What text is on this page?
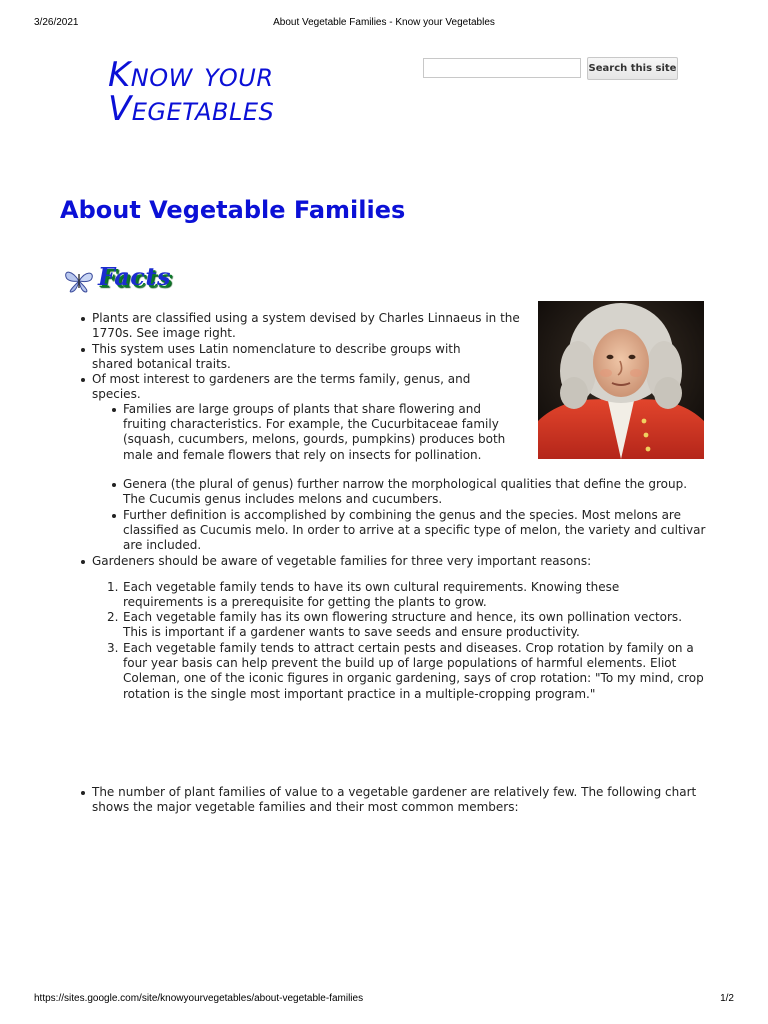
3/26/2021	About Vegetable Families - Know your Vegetables
Know your
Vegetables
Search this site
About Vegetable Families
Facts
Plants are classified using a system devised by Charles Linnaeus in the 1770s. See image right.
This system uses Latin nomenclature to describe groups with shared botanical traits.
Of most interest to gardeners are the terms family, genus, and species.
Families are large groups of plants that share flowering and fruiting characteristics. For example, the Cucurbitaceae family (squash, cucumbers, melons, gourds, pumpkins) produces both male and female flowers that rely on insects for pollination.
Genera (the plural of genus) further narrow the morphological qualities that define the group. The Cucumis genus includes melons and cucumbers.
Further definition is accomplished by combining the genus and the species. Most melons are classified as Cucumis melo. In order to arrive at a specific type of melon, the variety and cultivar are included.
Gardeners should be aware of vegetable families for three very important reasons:
1. Each vegetable family tends to have its own cultural requirements. Knowing these requirements is a prerequisite for getting the plants to grow.
2. Each vegetable family has its own flowering structure and hence, its own pollination vectors. This is important if a gardener wants to save seeds and ensure productivity.
3. Each vegetable family tends to attract certain pests and diseases. Crop rotation by family on a four year basis can help prevent the build up of large populations of harmful elements. Eliot Coleman, one of the iconic figures in organic gardening, says of crop rotation: "To my mind, crop rotation is the single most important practice in a multiple-cropping program."
The number of plant families of value to a vegetable gardener are relatively few. The following chart shows the major vegetable families and their most common members:
https://sites.google.com/site/knowyourvegetables/about-vegetable-families	1/2
